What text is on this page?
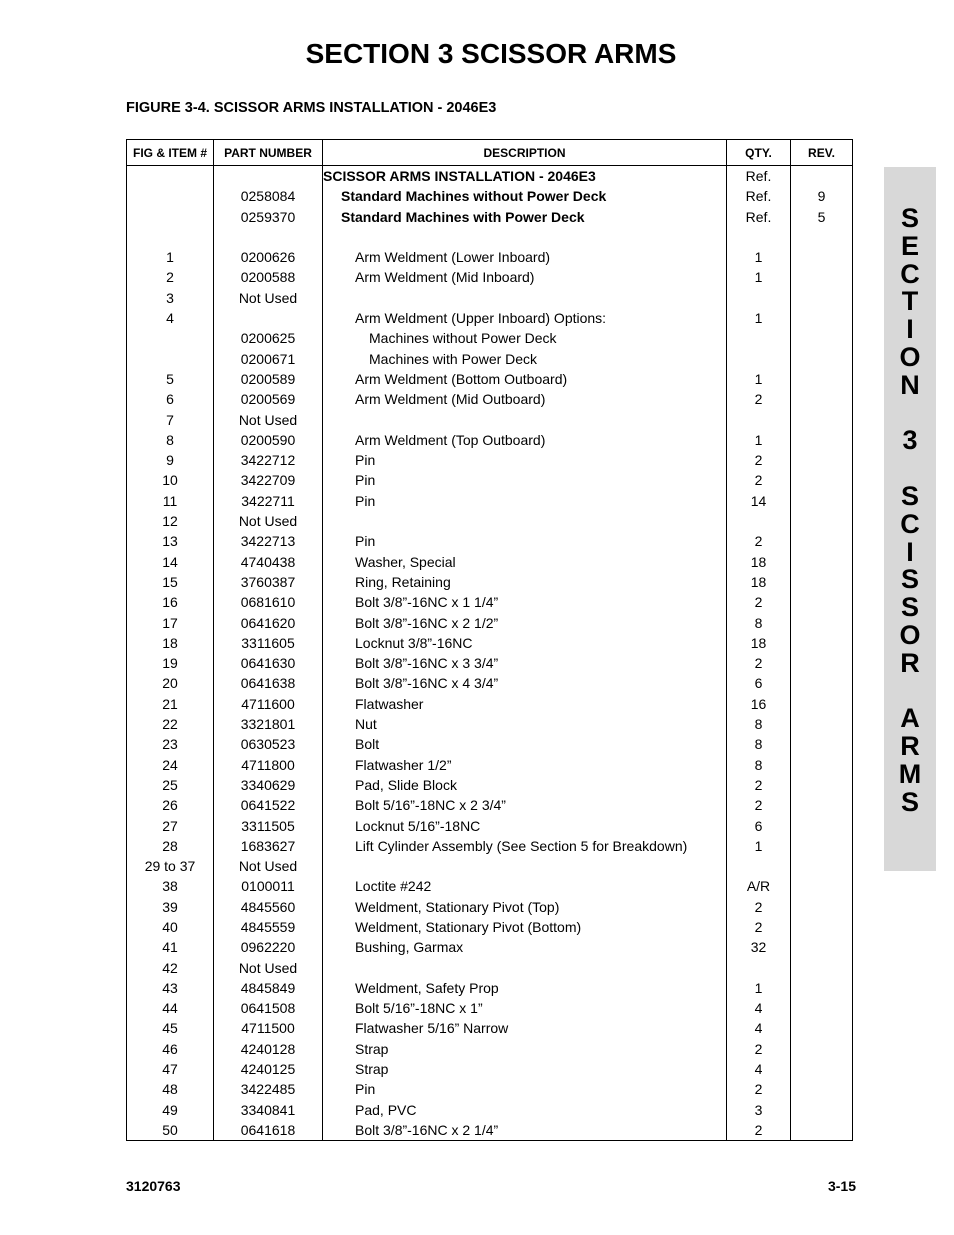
SECTION 3 SCISSOR ARMS
FIGURE 3-4. SCISSOR ARMS INSTALLATION - 2046E3
FIG & ITEM #	PART NUMBER	DESCRIPTION	QTY.	REV.
		SCISSOR ARMS INSTALLATION - 2046E3	Ref.	
	0258084	Standard Machines without Power Deck	Ref.	9
	0259370	Standard Machines with Power Deck	Ref.	5

1	0200626	Arm Weldment (Lower Inboard)	1	
2	0200588	Arm Weldment (Mid Inboard)	1	
3	Not Used			
4		Arm Weldment (Upper Inboard) Options:	1	
	0200625	Machines without Power Deck		
	0200671	Machines with Power Deck		
5	0200589	Arm Weldment (Bottom Outboard)	1	
6	0200569	Arm Weldment (Mid Outboard)	2	
7	Not Used			
8	0200590	Arm Weldment (Top Outboard)	1	
9	3422712	Pin	2	
10	3422709	Pin	2	
11	3422711	Pin	14	
12	Not Used			
13	3422713	Pin	2	
14	4740438	Washer, Special	18	
15	3760387	Ring, Retaining	18	
16	0681610	Bolt 3/8”-16NC x 1 1/4”	2	
17	0641620	Bolt 3/8”-16NC x 2 1/2”	8	
18	3311605	Locknut 3/8”-16NC	18	
19	0641630	Bolt 3/8”-16NC x 3 3/4”	2	
20	0641638	Bolt 3/8”-16NC x 4 3/4”	6	
21	4711600	Flatwasher	16	
22	3321801	Nut	8	
23	0630523	Bolt	8	
24	4711800	Flatwasher 1/2”	8	
25	3340629	Pad, Slide Block	2	
26	0641522	Bolt 5/16”-18NC x 2 3/4”	2	
27	3311505	Locknut 5/16”-18NC	6	
28	1683627	Lift Cylinder Assembly (See Section 5 for Breakdown)	1	
29 to 37	Not Used			
38	0100011	Loctite #242	A/R	
39	4845560	Weldment, Stationary Pivot (Top)	2	
40	4845559	Weldment, Stationary Pivot (Bottom)	2	
41	0962220	Bushing, Garmax	32	
42	Not Used			
43	4845849	Weldment, Safety Prop	1	
44	0641508	Bolt 5/16”-18NC x 1”	4	
45	4711500	Flatwasher 5/16” Narrow	4	
46	4240128	Strap	2	
47	4240125	Strap	4	
48	3422485	Pin	2	
49	3340841	Pad, PVC	3	
50	0641618	Bolt 3/8”-16NC x 2 1/4”	2	
S
E
C
T
I
O
N
3
S
C
I
S
S
O
R
A
R
M
S
3120763	3-15
